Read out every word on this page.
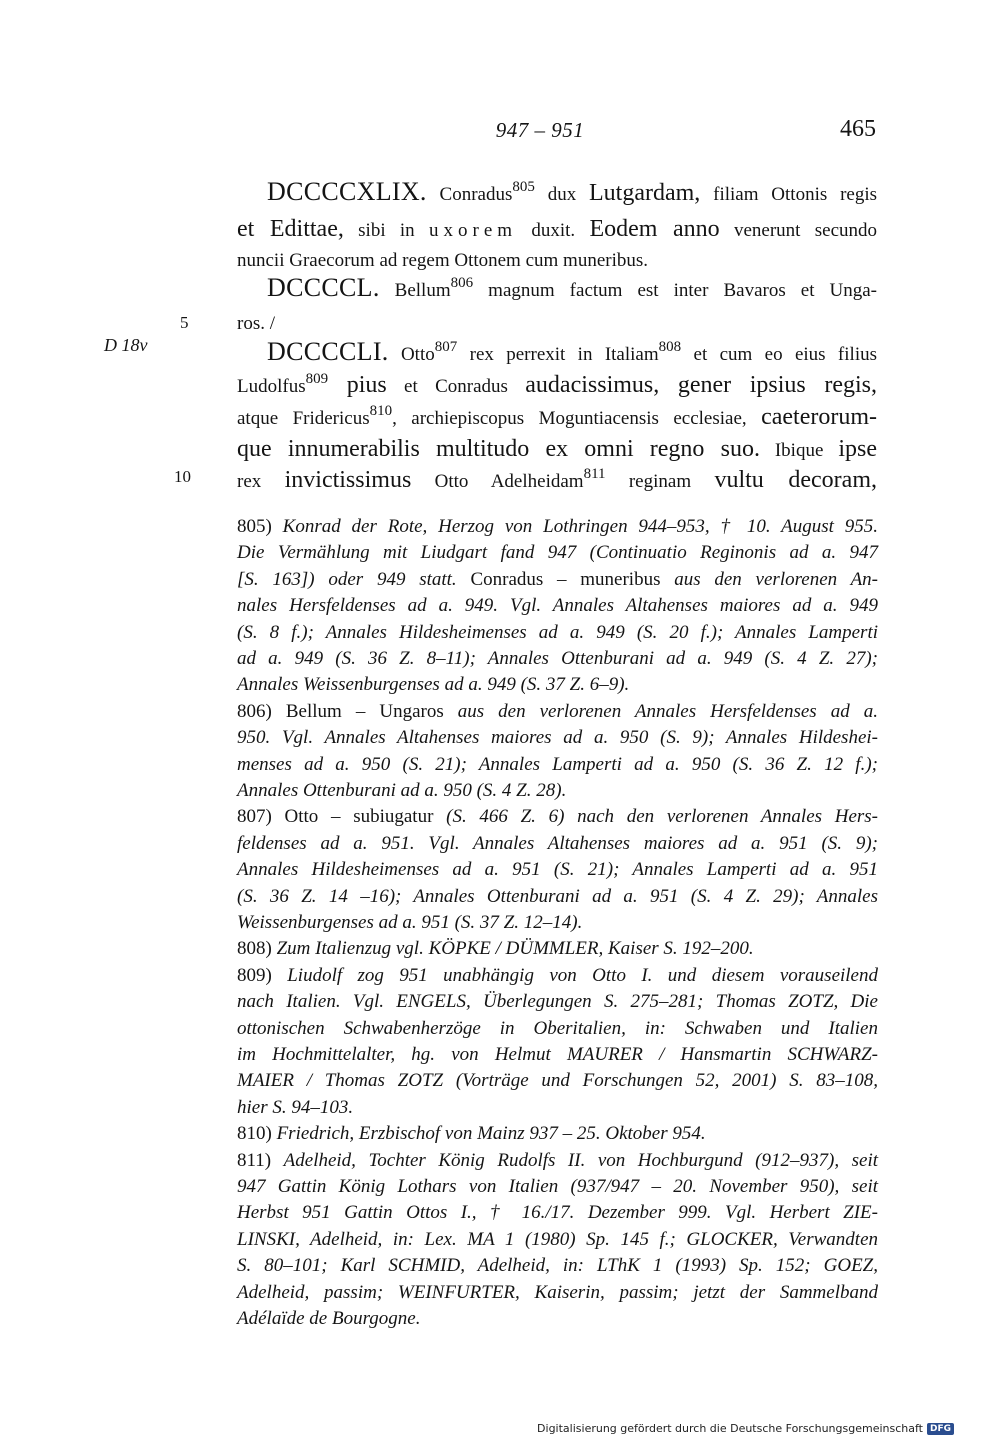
947 – 951	465
5
D 18v
10
DCCCCXLIX. Conradus$^{805}$ dux Lutgardam, filiam Ottonis regis
et Edittae, sibi in uxorem duxit. Eodem anno venerunt secundo
nuncii Graecorum ad regem Ottonem cum muneribus.
DCCCCL. Bellum$^{806}$ magnum factum est inter Bavaros et Unga-
ros. /
DCCCCLI. Otto$^{807}$ rex perrexit in Italiam$^{808}$ et cum eo eius filius
Ludolfus$^{809}$ pius et Conradus audacissimus, gener ipsius regis,
atque Fridericus$^{810}$, archiepiscopus Moguntiacensis ecclesiae, caeterorum-
que innumerabilis multitudo ex omni regno suo. Ibique ipse
rex invictissimus Otto Adelheidam$^{811}$ reginam vultu decoram,
805) Konrad der Rote, Herzog von Lothringen 944–953, † 10. August 955.
Die Vermählung mit Liudgart fand 947 (Continuatio Reginonis ad a. 947
[S. 163]) oder 949 statt. Conradus – muneribus aus den verlorenen An-
nales Hersfeldenses ad a. 949. Vgl. Annales Altahenses maiores ad a. 949
(S. 8 f.); Annales Hildesheimenses ad a. 949 (S. 20 f.); Annales Lamperti
ad a. 949 (S. 36 Z. 8–11); Annales Ottenburani ad a. 949 (S. 4 Z. 27);
Annales Weissenburgenses ad a. 949 (S. 37 Z. 6–9).
806) Bellum – Ungaros aus den verlorenen Annales Hersfeldenses ad a.
950. Vgl. Annales Altahenses maiores ad a. 950 (S. 9); Annales Hildeshei-
menses ad a. 950 (S. 21); Annales Lamperti ad a. 950 (S. 36 Z. 12 f.);
Annales Ottenburani ad a. 950 (S. 4 Z. 28).
807) Otto – subiugatur (S. 466 Z. 6) nach den verlorenen Annales Hers-
feldenses ad a. 951. Vgl. Annales Altahenses maiores ad a. 951 (S. 9);
Annales Hildesheimenses ad a. 951 (S. 21); Annales Lamperti ad a. 951
(S. 36 Z. 14 –16); Annales Ottenburani ad a. 951 (S. 4 Z. 29); Annales
Weissenburgenses ad a. 951 (S. 37 Z. 12–14).
808) Zum Italienzug vgl. KÖPKE / DÜMMLER, Kaiser S. 192–200.
809) Liudolf zog 951 unabhängig von Otto I. und diesem vorauseilend
nach Italien. Vgl. ENGELS, Überlegungen S. 275–281; Thomas ZOTZ, Die
ottonischen Schwabenherzöge in Oberitalien, in: Schwaben und Italien
im Hochmittelalter, hg. von Helmut MAURER / Hansmartin SCHWARZ-
MAIER / Thomas ZOTZ (Vorträge und Forschungen 52, 2001) S. 83–108,
hier S. 94–103.
810) Friedrich, Erzbischof von Mainz 937 – 25. Oktober 954.
811) Adelheid, Tochter König Rudolfs II. von Hochburgund (912–937), seit
947 Gattin König Lothars von Italien (937/947 – 20. November 950), seit
Herbst 951 Gattin Ottos I., † 16./17. Dezember 999. Vgl. Herbert ZIE-
LINSKI, Adelheid, in: Lex. MA 1 (1980) Sp. 145 f.; GLOCKER, Verwandten
S. 80–101; Karl SCHMID, Adelheid, in: LThK 1 (1993) Sp. 152; GOEZ,
Adelheid, passim; WEINFURTER, Kaiserin, passim; jetzt der Sammelband
Adélaïde de Bourgogne.
Digitalisierung gefördert durch die Deutsche Forschungsgemeinschaft DFG
